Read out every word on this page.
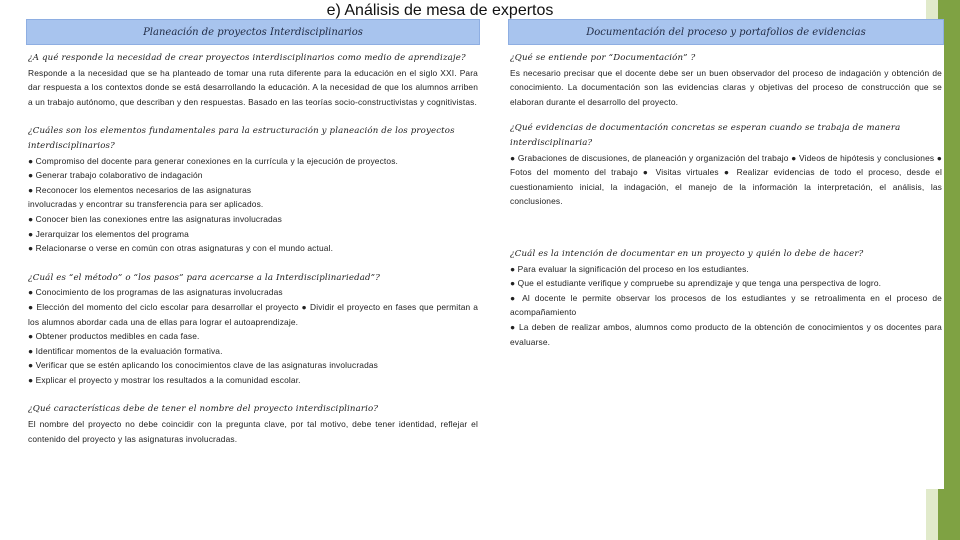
e) Análisis de mesa de expertos
Planeación de proyectos Interdisciplinarios
¿A qué responde la necesidad de crear proyectos interdisciplinarios como medio de aprendizaje?

Responde a la necesidad que se ha planteado de tomar una ruta diferente para la educación en el siglo XXI. Para dar respuesta a los contextos donde se está desarrollando la educación. A la necesidad de que los alumnos arriben a un trabajo autónomo, que describan y den respuestas. Basado en las teorías socio-constructivistas y cognitivistas.

¿Cuáles son los elementos fundamentales para la estructuración y planeación de los proyectos interdisciplinarios?
● Compromiso del docente para generar conexiones en la currícula y la ejecución de proyectos.
● Generar trabajo colaborativo de indagación
● Reconocer los elementos necesarios de las asignaturas
involucradas y encontrar su transferencia para ser aplicados.
● Conocer bien las conexiones entre las asignaturas involucradas
● Jerarquizar los elementos del programa
● Relacionarse o verse en común con otras asignaturas y con el mundo actual.
¿Cuál es “el método” o “los pasos” para acercarse a la Interdisciplinariedad”?
● Conocimiento de los programas de las asignaturas involucradas
● Elección del momento del ciclo escolar para desarrollar el proyecto ● Dividir el proyecto en fases que permitan a los alumnos abordar cada una de ellas para lograr el autoaprendizaje.
● Obtener productos medibles en cada fase.
● Identificar momentos de la evaluación formativa.
● Verificar que se estén aplicando los conocimientos clave de las asignaturas involucradas
● Explicar el proyecto y mostrar los resultados a la comunidad escolar.
¿Qué características debe de tener el nombre del proyecto interdisciplinario?

El nombre del proyecto no debe coincidir con la pregunta clave, por tal motivo, debe tener identidad, reflejar el contenido del proyecto y las asignaturas involucradas.

Documentación del proceso y portafolios de evidencias
¿Qué se entiende por “Documentación” ?

Es necesario precisar que el docente debe ser un buen observador del proceso de indagación y obtención de conocimiento. La documentación son las evidencias claras y objetivas del proceso de construcción que se elaboran durante el desarrollo del proyecto.

¿Qué evidencias de documentación concretas se esperan cuando se trabaja de manera interdisciplinaria?

● Grabaciones de discusiones, de planeación y organización del trabajo ● Videos de hipótesis y conclusiones ● Fotos del momento del trabajo ● Visitas virtuales ● Realizar evidencias de todo el proceso, desde el cuestionamiento inicial, la indagación, el manejo de la información la interpretación, el análisis, las conclusiones.

¿Cuál es la intención de documentar en un proyecto y quién lo debe de hacer?
● Para evaluar la significación del proceso en los estudiantes.
● Que el estudiante verifique y compruebe su aprendizaje y que tenga una perspectiva de logro.
● Al docente le permite observar los procesos de los estudiantes y se retroalimenta en el proceso de acompañamiento
● La deben de realizar ambos, alumnos como producto de la obtención de conocimientos y os docentes para evaluarse.
